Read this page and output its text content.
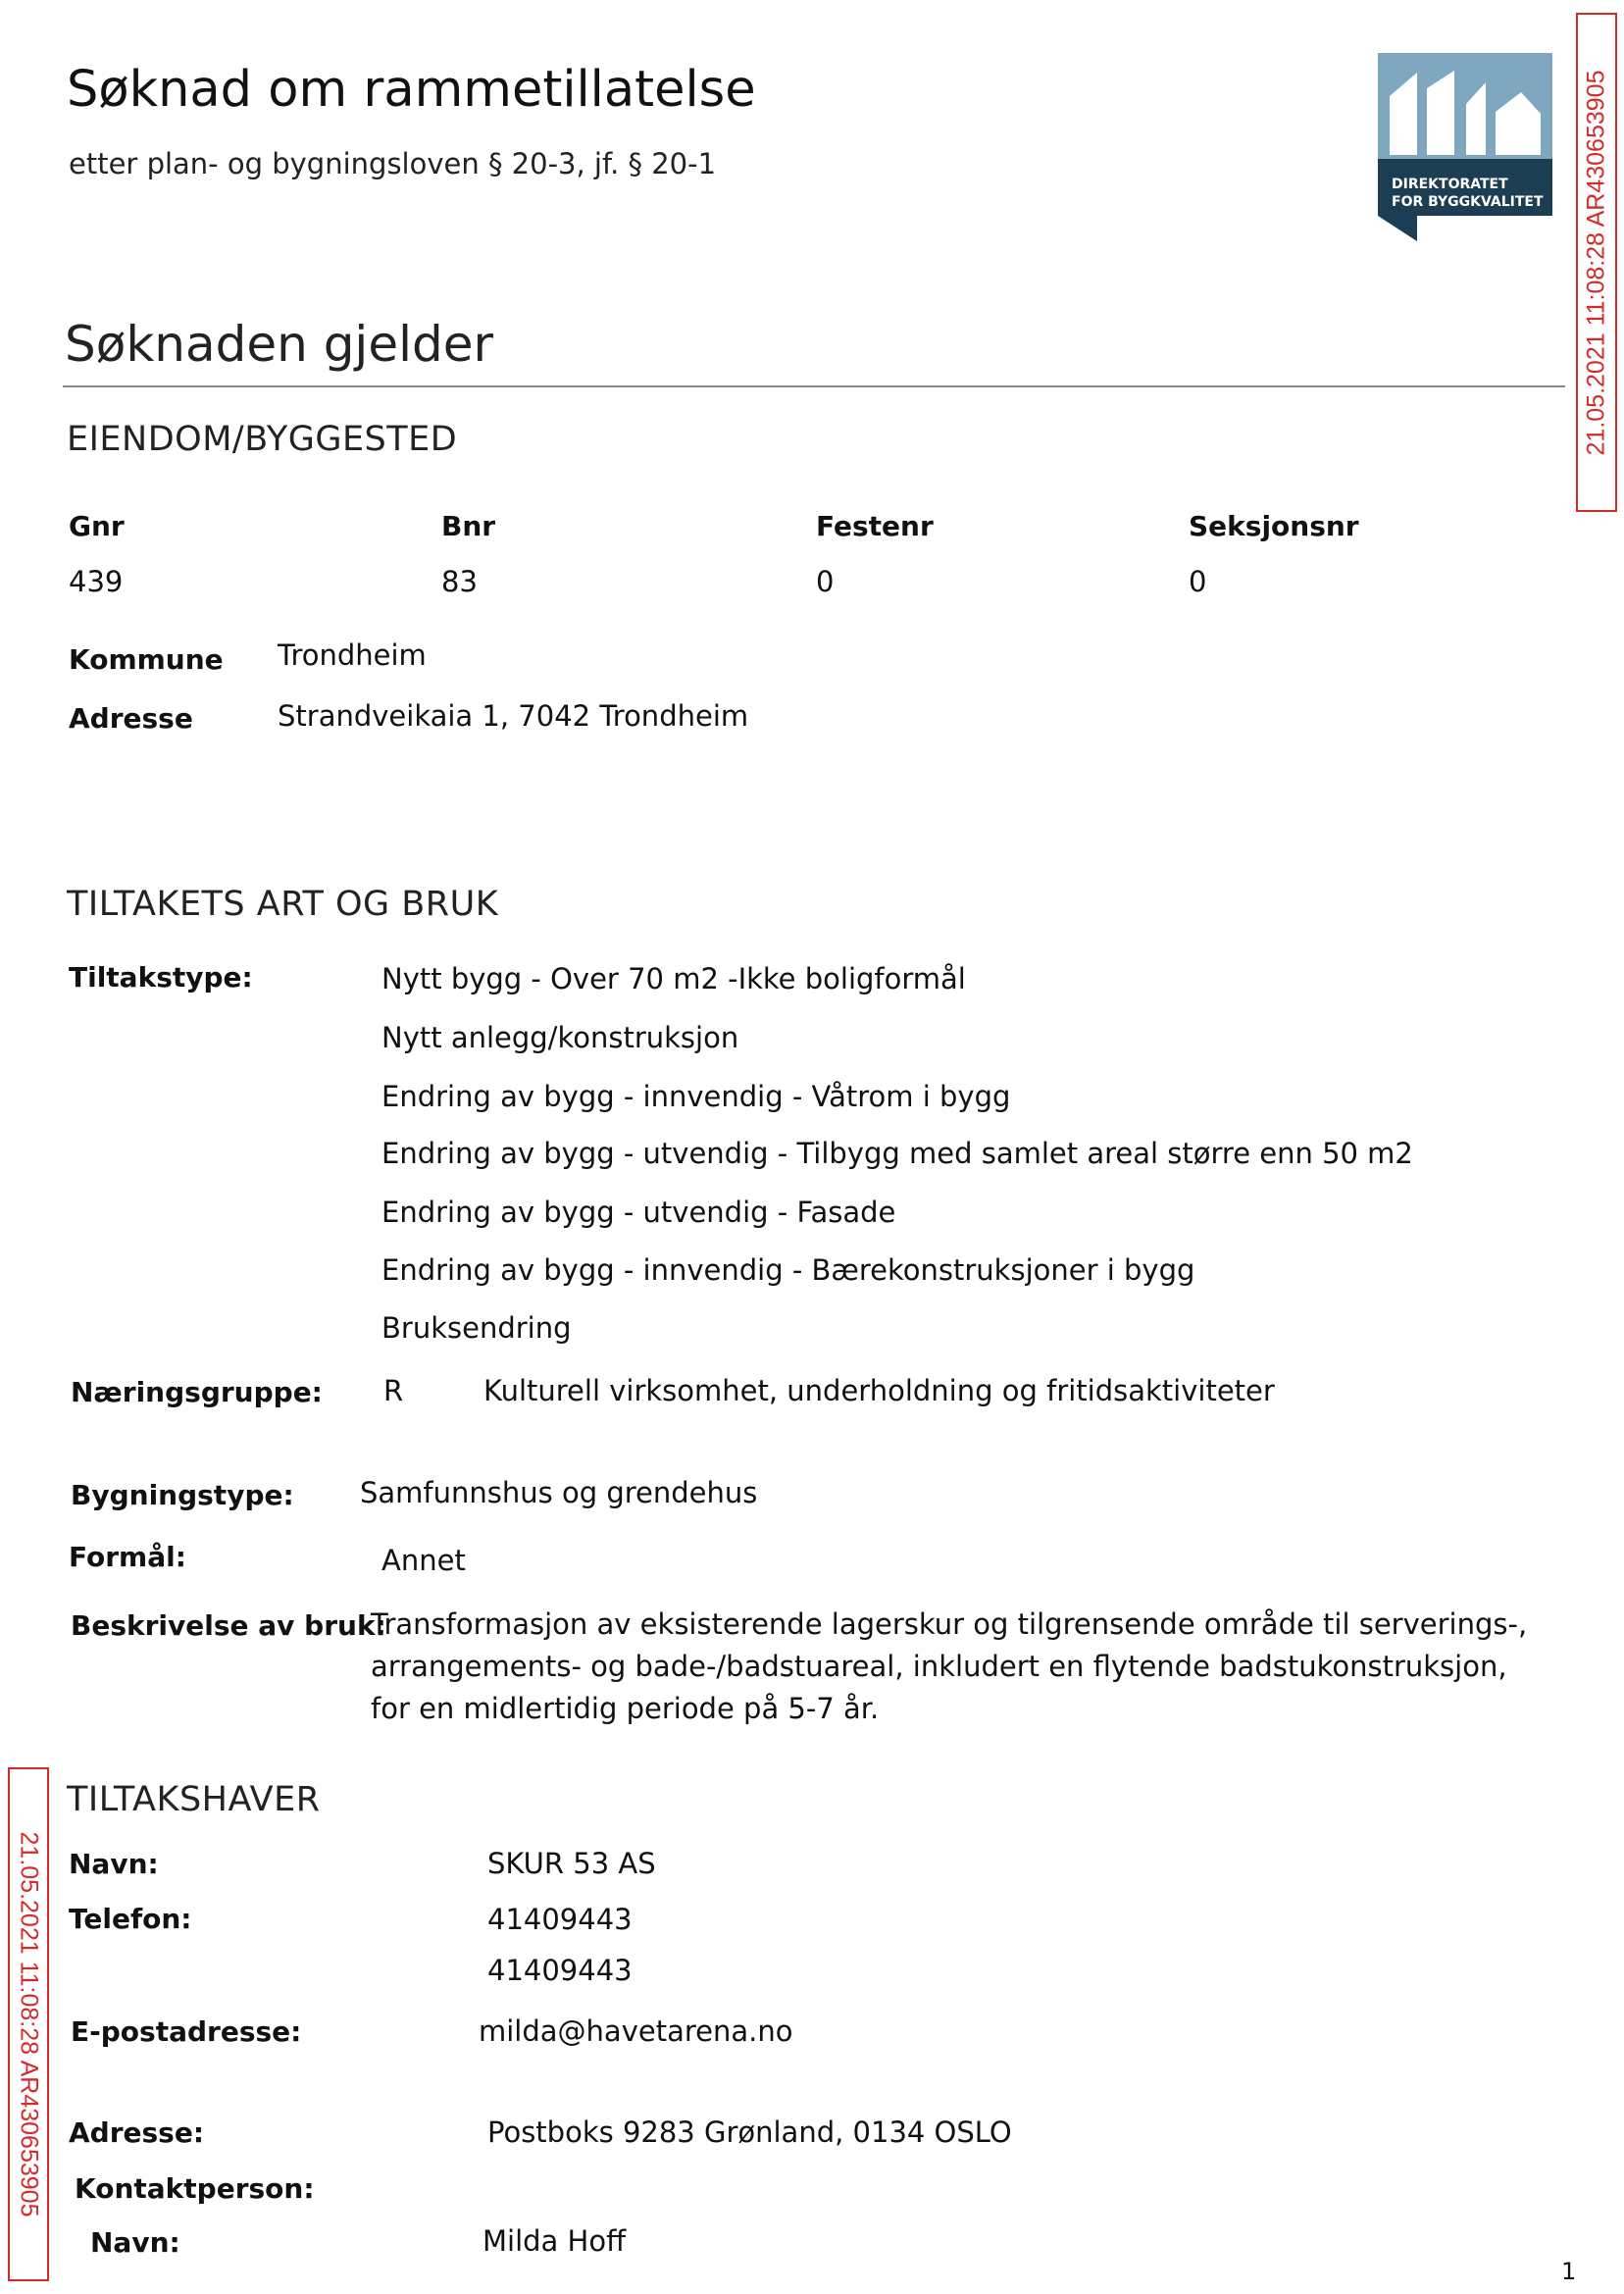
Søknad om rammetillatelse
etter plan- og bygningsloven § 20-3, jf. § 20-1
DIREKTORATET
FOR BYGGKVALITET 21.05.2021 11:08:28 AR430653905
21.05.2021 11:08:28 AR430653905
Søknaden gjelder
EIENDOM/BYGGESTED
Gnr	Bnr	Festenr	Seksjonsnr
439	83	0	0
Kommune Trondheim
Adresse	Strandveikaia 1, 7042 Trondheim
TILTAKETS ART OG BRUK
Tiltakstype:	Nytt bygg - Over 70 m2 -Ikke boligformål
Nytt anlegg/konstruksjon
Endring av bygg - innvendig - Våtrom i bygg
Endring av bygg - utvendig - Tilbygg med samlet areal større enn 50 m2
Endring av bygg - utvendig - Fasade
Endring av bygg - innvendig - Bærekonstruksjoner i bygg
Bruksendring
Næringsgruppe: R	Kulturell virksomhet, underholdning og fritidsaktiviteter
Bygningstype: Samfunnshus og grendehus
Formål:	Annet
Beskrivelse av bruk:
Transformasjon av eksisterende lagerskur og tilgrensende område til serverings-, arrangements- og bade-/badstuareal, inkludert en flytende badstukonstruksjon, for en midlertidig periode på 5-7 år.
TILTAKSHAVER
Navn:	SKUR 53 AS
Telefon:	41409443
41409443
E-postadresse:	milda@havetarena.no
Adresse:	Postboks 9283 Grønland, 0134 OSLO
Kontaktperson:
Navn:	Milda Hoff
1
